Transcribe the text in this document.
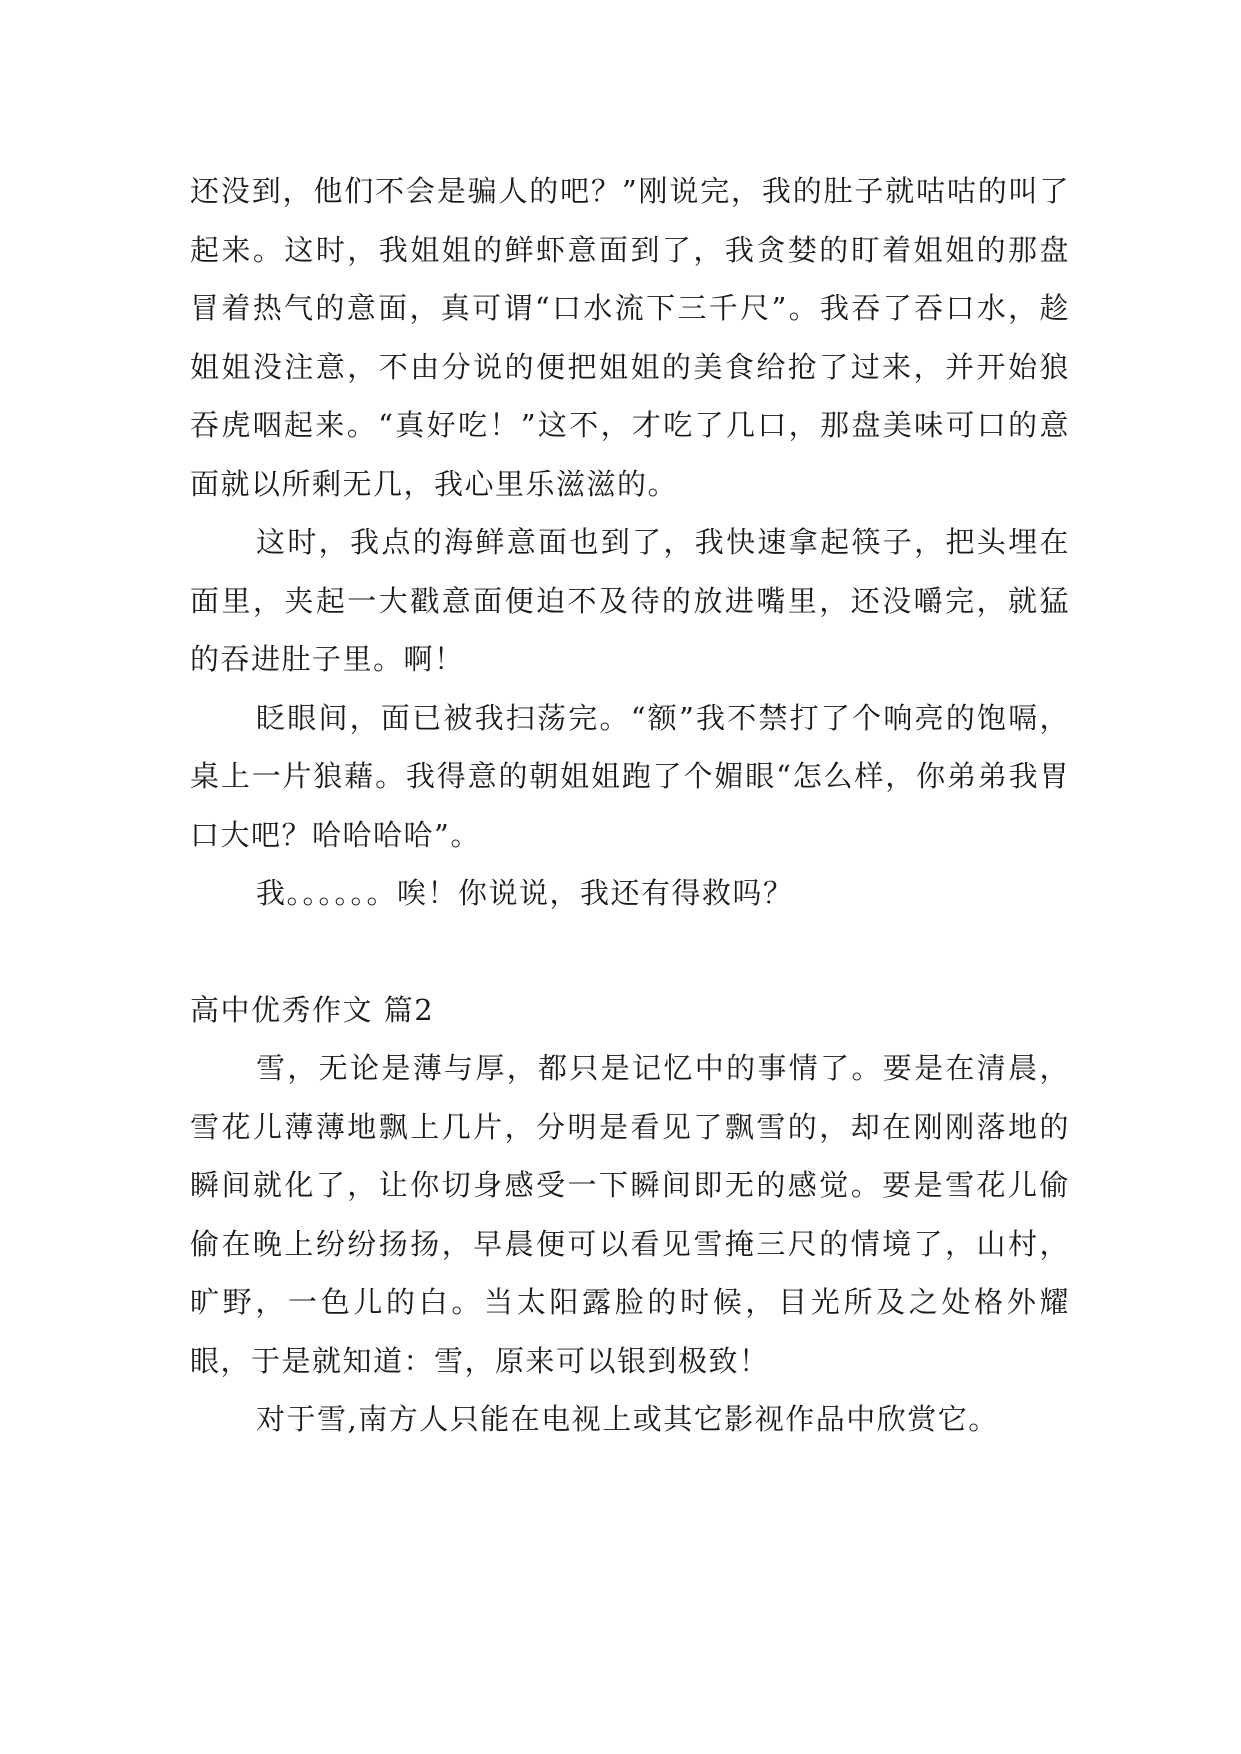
还没到，他们不会是骗人的吧？”刚说完，我的肚子就咕咕的叫了起来。这时，我姐姐的鲜虾意面到了，我贪婪的盯着姐姐的那盘冒着热气的意面，真可谓“口水流下三千尺”。我吞了吞口水，趁姐姐没注意，不由分说的便把姐姐的美食给抢了过来，并开始狼吞虎咽起来。“真好吃！”这不，才吃了几口，那盘美味可口的意面就以所剩无几，我心里乐滋滋的。

这时，我点的海鲜意面也到了，我快速拿起筷子，把头埋在面里，夹起一大戳意面便迫不及待的放进嘴里，还没嚼完，就猛的吞进肚子里。啊！

眨眼间，面已被我扫荡完。“额”我不禁打了个响亮的饱嗝，桌上一片狼藉。我得意的朝姐姐跑了个媚眼“怎么样，你弟弟我胃口大吧？哈哈哈哈”。

我。。。。。。唉！你说说，我还有得救吗？

高中优秀作文 篇2

雪，无论是薄与厚，都只是记忆中的事情了。要是在清晨，雪花儿薄薄地飘上几片，分明是看见了飘雪的，却在刚刚落地的瞬间就化了，让你切身感受一下瞬间即无的感觉。要是雪花儿偷偷在晚上纷纷扬扬，早晨便可以看见雪掩三尺的情境了，山村，旷野，一色儿的白。当太阳露脸的时候，目光所及之处格外耀眼，于是就知道：雪，原来可以银到极致！

对于雪,南方人只能在电视上或其它影视作品中欣赏它。
